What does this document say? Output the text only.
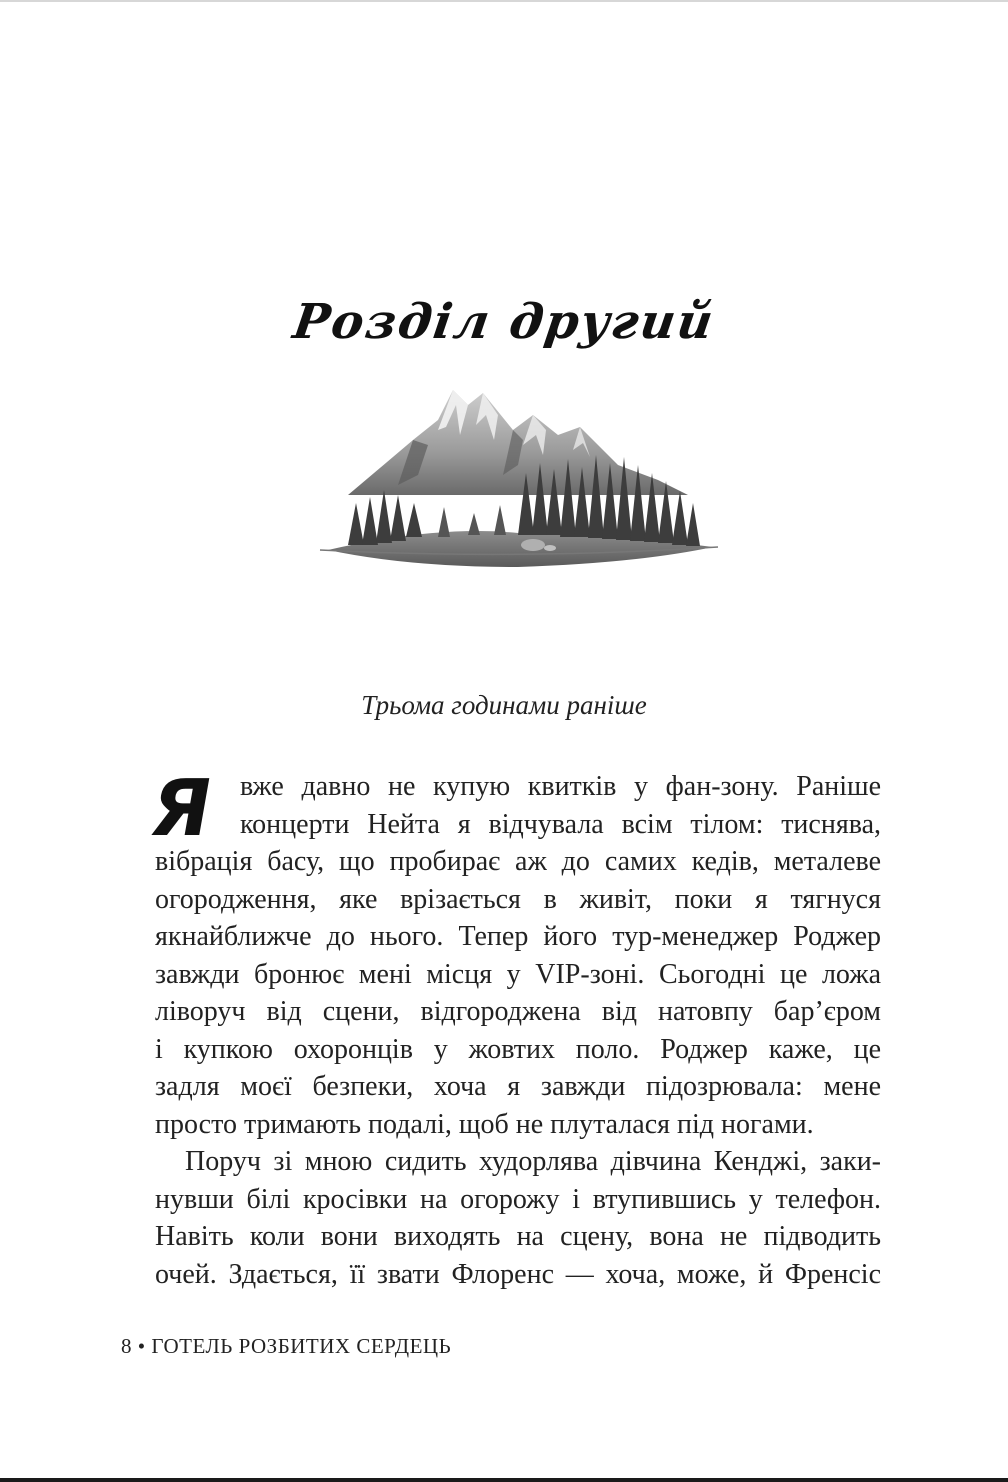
Розділ другий
Трьома годинами раніше
Я вже давно не купую квитків у фан-зону. Раніше
концерти Нейта я відчувала всім тілом: тиснява,
вібрація басу, що пробирає аж до самих кедів, металеве
огородження, яке врізається в живіт, поки я тягнуся
якнайближче до нього. Тепер його тур-менеджер Роджер
завжди бронює мені місця у VIP-зоні. Сьогодні це ложа
ліворуч від сцени, відгороджена від натовпу бар’єром
і купкою охоронців у жовтих поло. Роджер каже, це
задля моєї безпеки, хоча я завжди підозрювала: мене
просто тримають подалі, щоб не плуталася під ногами.
Поруч зі мною сидить худорлява дівчина Кенджі, заки-
нувши білі кросівки на огорожу і втупившись у телефон.
Навіть коли вони виходять на сцену, вона не підводить
очей. Здається, її звати Флоренс — хоча, може, й Френсіс
8 • ГОТЕЛЬ РОЗБИТИХ СЕРДЕЦЬ
